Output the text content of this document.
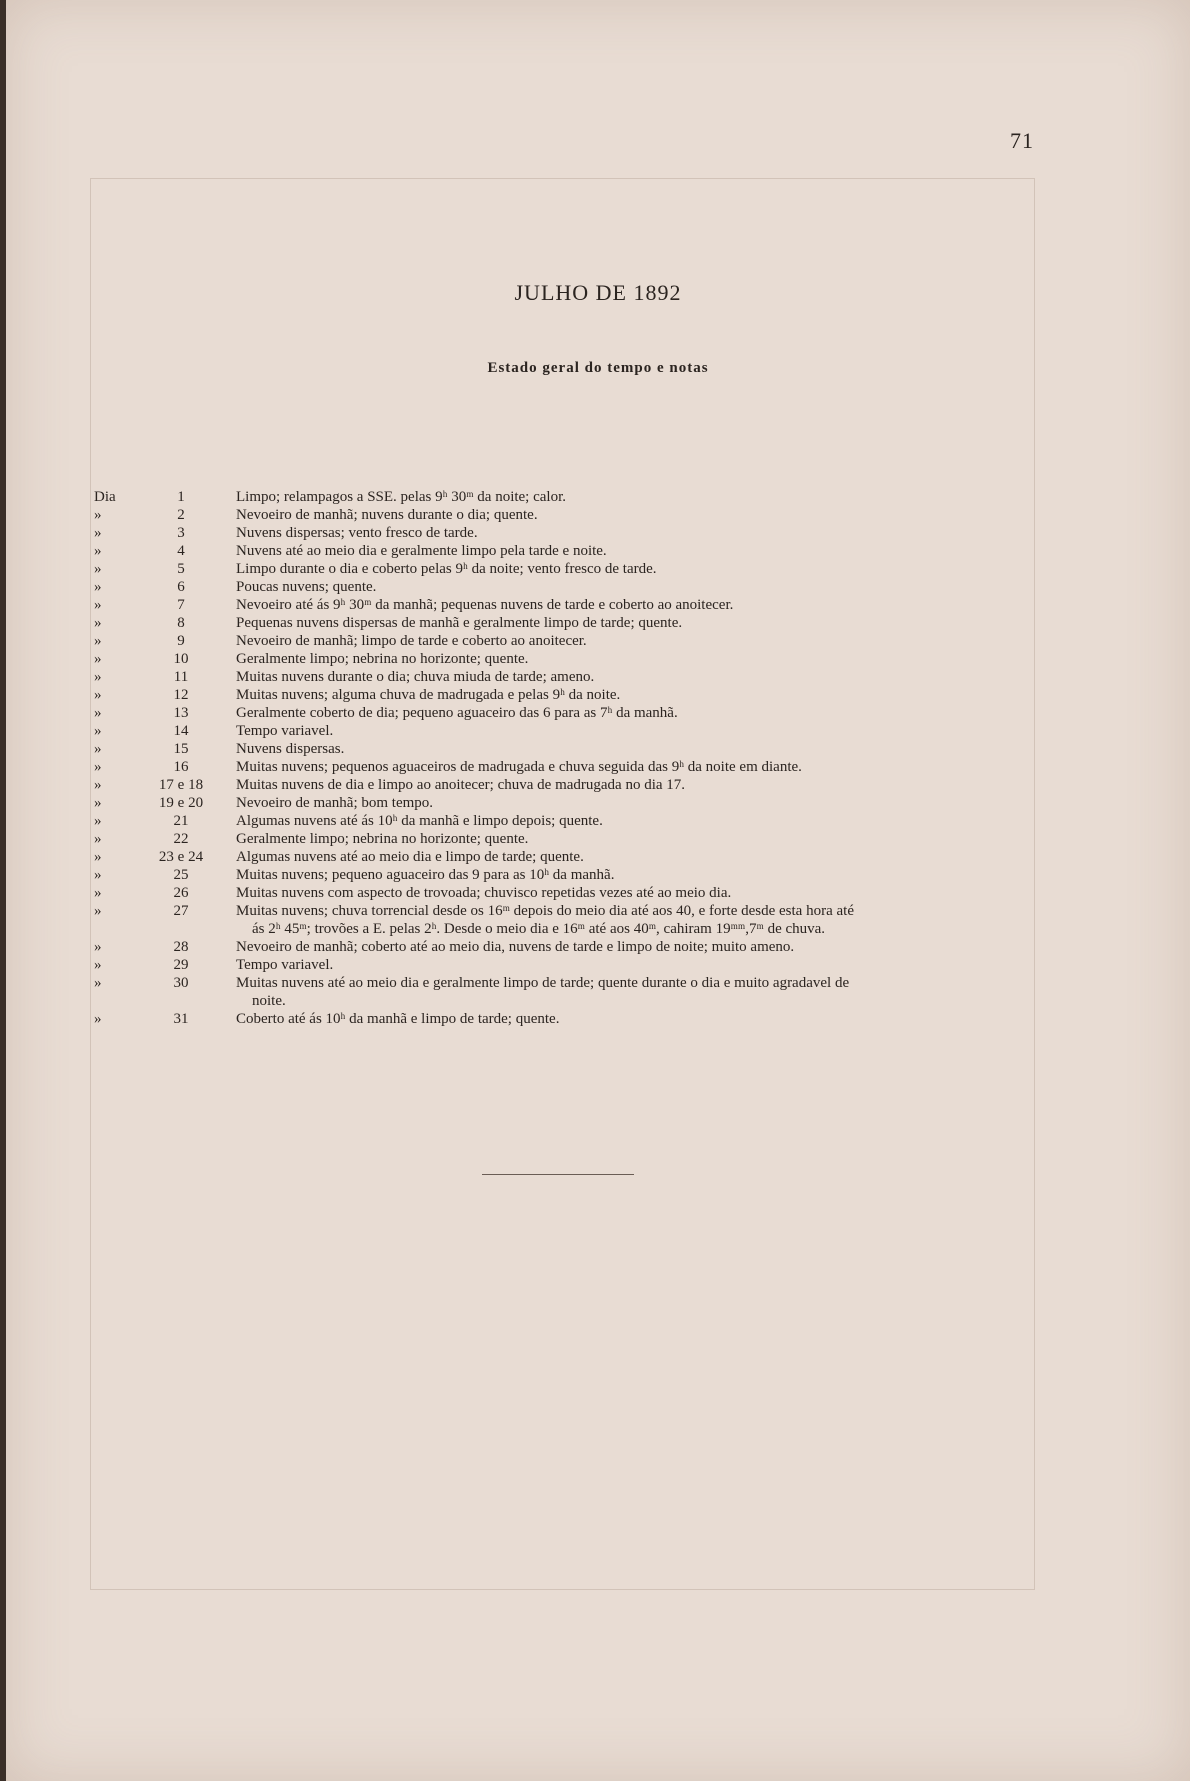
71
JULHO DE 1892
Estado geral do tempo e notas
Dia	1	Limpo; relampagos a SSE. pelas 9ʰ 30ᵐ da noite; calor.
»	2	Nevoeiro de manhã; nuvens durante o dia; quente.
»	3	Nuvens dispersas; vento fresco de tarde.
»	4	Nuvens até ao meio dia e geralmente limpo pela tarde e noite.
»	5	Limpo durante o dia e coberto pelas 9ʰ da noite; vento fresco de tarde.
»	6	Poucas nuvens; quente.
»	7	Nevoeiro até ás 9ʰ 30ᵐ da manhã; pequenas nuvens de tarde e coberto ao anoitecer.
»	8	Pequenas nuvens dispersas de manhã e geralmente limpo de tarde; quente.
»	9	Nevoeiro de manhã; limpo de tarde e coberto ao anoitecer.
»	10	Geralmente limpo; nebrina no horizonte; quente.
»	11	Muitas nuvens durante o dia; chuva miuda de tarde; ameno.
»	12	Muitas nuvens; alguma chuva de madrugada e pelas 9ʰ da noite.
»	13	Geralmente coberto de dia; pequeno aguaceiro das 6 para as 7ʰ da manhã.
»	14	Tempo variavel.
»	15	Nuvens dispersas.
»	16	Muitas nuvens; pequenos aguaceiros de madrugada e chuva seguida das 9ʰ da noite em diante.
»	17 e 18	Muitas nuvens de dia e limpo ao anoitecer; chuva de madrugada no dia 17.
»	19 e 20	Nevoeiro de manhã; bom tempo.
»	21	Algumas nuvens até ás 10ʰ da manhã e limpo depois; quente.
»	22	Geralmente limpo; nebrina no horizonte; quente.
»	23 e 24	Algumas nuvens até ao meio dia e limpo de tarde; quente.
»	25	Muitas nuvens; pequeno aguaceiro das 9 para as 10ʰ da manhã.
»	26	Muitas nuvens com aspecto de trovoada; chuvisco repetidas vezes até ao meio dia.
»	27	Muitas nuvens; chuva torrencial desde os 16ᵐ depois do meio dia até aos 40, e forte desde esta hora até
ás 2ʰ 45ᵐ; trovões a E. pelas 2ʰ. Desde o meio dia e 16ᵐ até aos 40ᵐ, cahiram 19ᵐᵐ,7ᵐ de chuva.
»	28	Nevoeiro de manhã; coberto até ao meio dia, nuvens de tarde e limpo de noite; muito ameno.
»	29	Tempo variavel.
»	30	Muitas nuvens até ao meio dia e geralmente limpo de tarde; quente durante o dia e muito agradavel de
noite.
»	31	Coberto até ás 10ʰ da manhã e limpo de tarde; quente.
